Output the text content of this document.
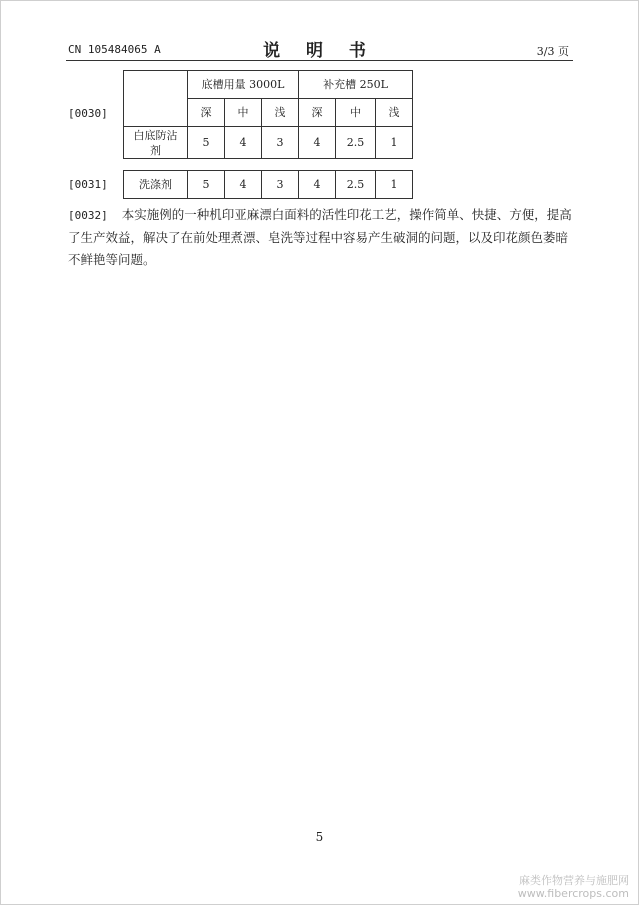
CN 105484065 A	说 明 书	3/3 页
[0030]
	底槽用量 3000L			补充槽 250L		
	深	中	浅	深	中	浅
白底防沾剂	5	4	3	4	2.5	1
[0031]	洗涤剂	5	4	3	4	2.5	1

[0032] 本实施例的一种机印亚麻漂白面料的活性印花工艺，操作简单、快捷、方便，提高了生产效益，解决了在前处理煮漂、皂洗等过程中容易产生破洞的问题，以及印花颜色萎暗不鲜艳等问题。

5
麻类作物营养与施肥网
www.fibercrops.com
